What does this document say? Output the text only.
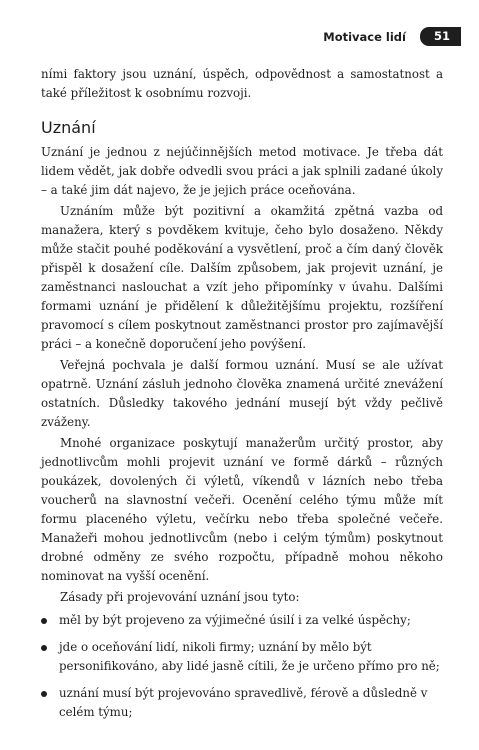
Motivace lidí	51

ními faktory jsou uznání, úspěch, odpovědnost a samostatnost a také příležitost k osobnímu rozvoji.

Uznání

Uznání je jednou z nejúčinnějších metod motivace. Je třeba dát lidem vědět, jak dobře odvedli svou práci a jak splnili zadané úkoly – a také jim dát najevo, že je jejich práce oceňována.

Uznáním může být pozitivní a okamžitá zpětná vazba od manažera, který s povděkem kvituje, čeho bylo dosaženo. Někdy může stačit pouhé poděkování a vysvětlení, proč a čím daný člověk přispěl k dosažení cíle. Dalším způsobem, jak projevit uznání, je zaměstnanci naslouchat a vzít jeho připomínky v úvahu. Dalšími formami uznání je přidělení k důležitějšímu projektu, rozšíření pravomocí s cílem poskytnout zaměstnanci prostor pro zajímavější práci – a konečně doporučení jeho povýšení.

Veřejná pochvala je další formou uznání. Musí se ale užívat opatrně. Uznání zásluh jednoho člověka znamená určité znevážení ostatních. Důsledky takového jednání musejí být vždy pečlivě zváženy.

Mnohé organizace poskytují manažerům určitý prostor, aby jednotlivcům mohli projevit uznání ve formě dárků – různých poukázek, dovolených či výletů, víkendů v lázních nebo třeba voucherů na slavnostní večeři. Ocenění celého týmu může mít formu placeného výletu, večírku nebo třeba společné večeře. Manažeři mohou jednotlivcům (nebo i celým týmům) poskytnout drobné odměny ze svého rozpočtu, případně mohou někoho nominovat na vyšší ocenění.

Zásady při projevování uznání jsou tyto:

měl by být projeveno za výjimečné úsilí i za velké úspěchy;
jde o oceňování lidí, nikoli firmy; uznání by mělo být personifikováno, aby lidé jasně cítili, že je určeno přímo pro ně;
uznání musí být projevováno spravedlivě, férově a důsledně v celém týmu;
